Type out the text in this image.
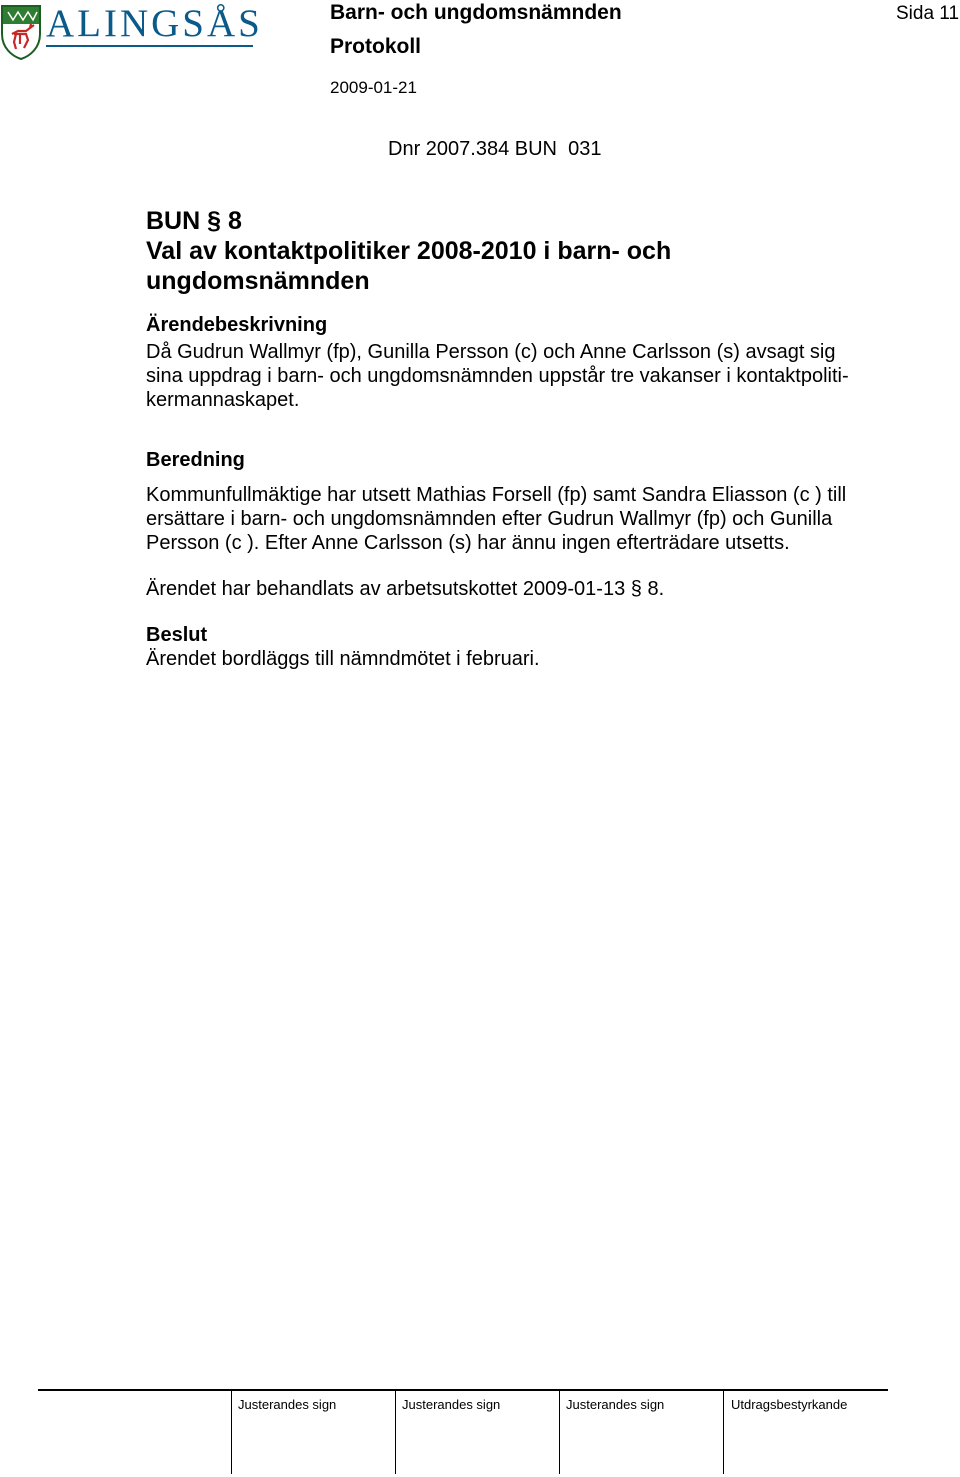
ALINGSÅS	Barn- och ungdomsnämnden
Protokoll
2009-01-21
Sida 11
Dnr 2007.384 BUN  031
BUN § 8
Val av kontaktpolitiker 2008-2010 i barn- och
ungdomsnämnden
Ärendebeskrivning
Då Gudrun Wallmyr (fp), Gunilla Persson (c) och Anne Carlsson (s) avsagt sig
sina uppdrag i barn- och ungdomsnämnden uppstår tre vakanser i kontaktpoliti-
kermannaskapet.
Beredning
Kommunfullmäktige har utsett Mathias Forsell (fp) samt Sandra Eliasson (c ) till
ersättare i barn- och ungdomsnämnden efter Gudrun Wallmyr (fp) och Gunilla
Persson (c ). Efter Anne Carlsson (s) har ännu ingen efterträdare utsetts.
Ärendet har behandlats av arbetsutskottet 2009-01-13 § 8.
Beslut
Ärendet bordläggs till nämndmötet i februari.
Justerandes sign	Justerandes sign	Justerandes sign	Utdragsbestyrkande
